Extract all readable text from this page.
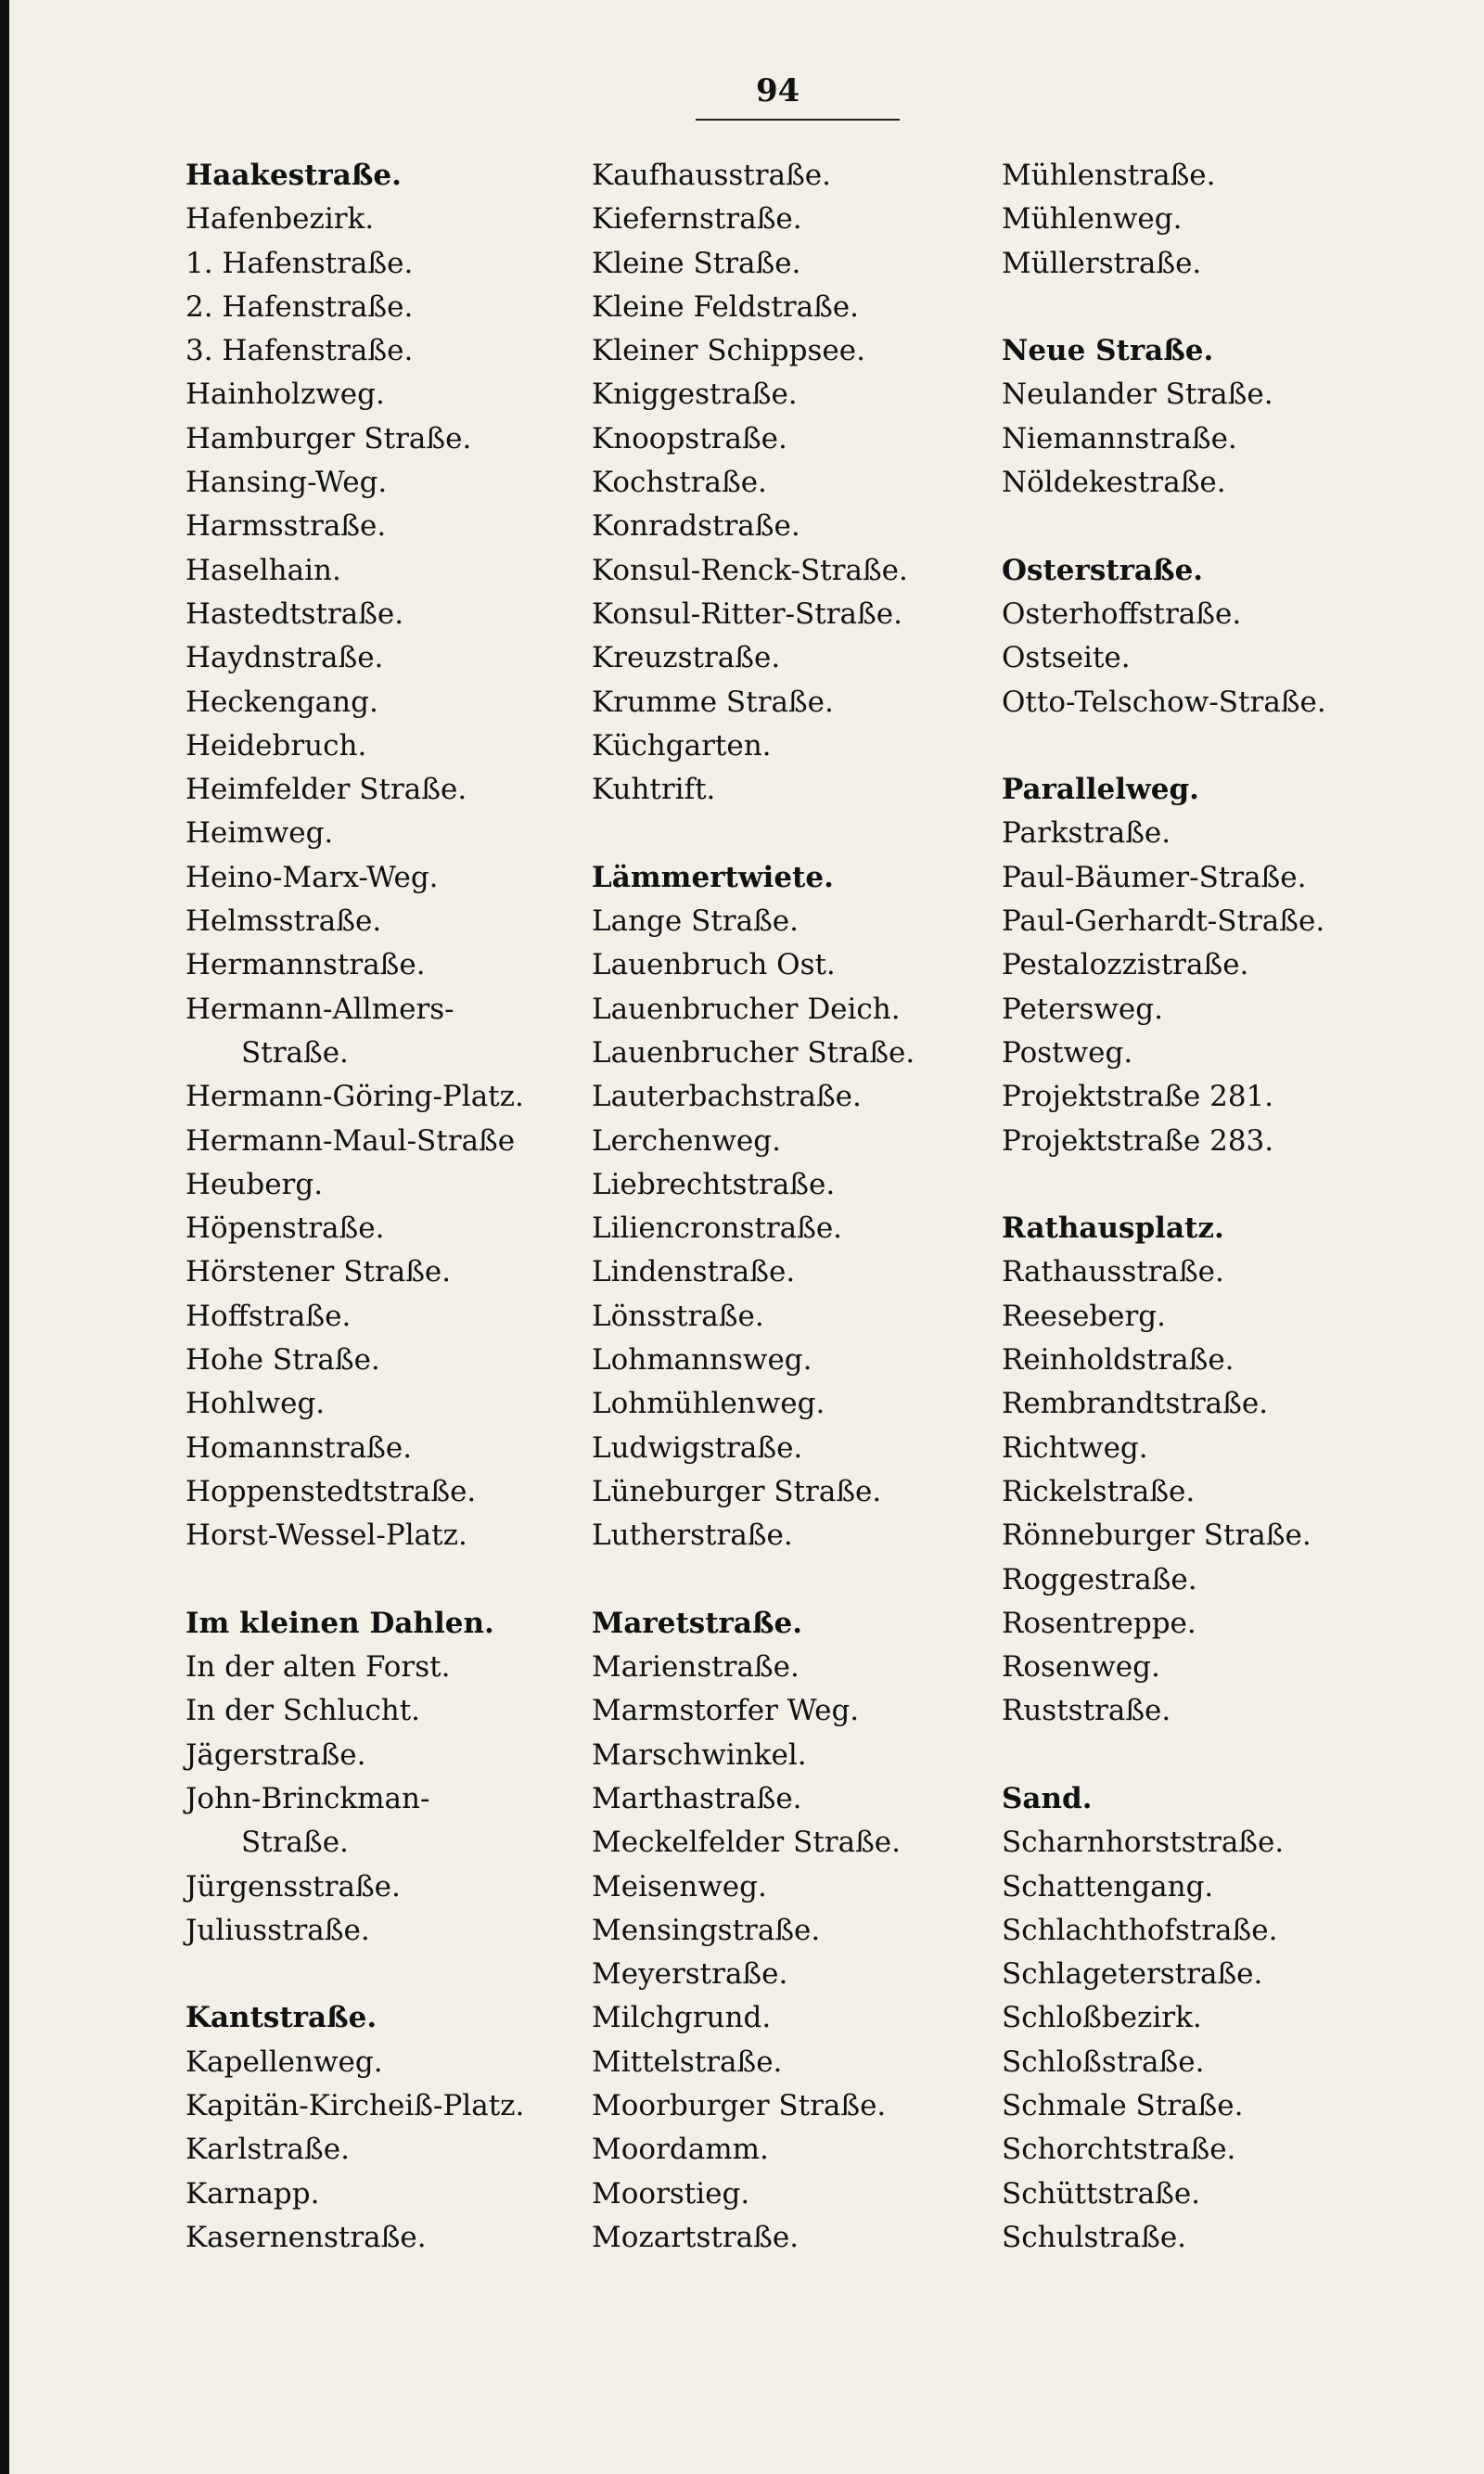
94
Haakestraße.
Hafenbezirk.
1. Hafenstraße.
2. Hafenstraße.
3. Hafenstraße.
Hainholzweg.
Hamburger Straße.
Hansing-Weg.
Harmsstraße.
Haselhain.
Hastedtstraße.
Haydnstraße.
Heckengang.
Heidebruch.
Heimfelder Straße.
Heimweg.
Heino-Marx-Weg.
Helmsstraße.
Hermannstraße.
Hermann-Allmers-
Straße.
Hermann-Göring-Platz.
Hermann-Maul-Straße
Heuberg.
Höpenstraße.
Hörstener Straße.
Hoffstraße.
Hohe Straße.
Hohlweg.
Homannstraße.
Hoppenstedtstraße.
Horst-Wessel-Platz.
Im kleinen Dahlen.
In der alten Forst.
In der Schlucht.
Jägerstraße.
John-Brinckman-
Straße.
Jürgensstraße.
Juliusstraße.
Kantstraße.
Kapellenweg.
Kapitän-Kircheiß-Platz.
Karlstraße.
Karnapp.
Kasernenstraße.
Kaufhausstraße.
Kiefernstraße.
Kleine Straße.
Kleine Feldstraße.
Kleiner Schippsee.
Kniggestraße.
Knoopstraße.
Kochstraße.
Konradstraße.
Konsul-Renck-Straße.
Konsul-Ritter-Straße.
Kreuzstraße.
Krumme Straße.
Küchgarten.
Kuhtrift.
Lämmertwiete.
Lange Straße.
Lauenbruch Ost.
Lauenbrucher Deich.
Lauenbrucher Straße.
Lauterbachstraße.
Lerchenweg.
Liebrechtstraße.
Liliencronstraße.
Lindenstraße.
Lönsstraße.
Lohmannsweg.
Lohmühlenweg.
Ludwigstraße.
Lüneburger Straße.
Lutherstraße.
Maretstraße.
Marienstraße.
Marmstorfer Weg.
Marschwinkel.
Marthastraße.
Meckelfelder Straße.
Meisenweg.
Mensingstraße.
Meyerstraße.
Milchgrund.
Mittelstraße.
Moorburger Straße.
Moordamm.
Moorstieg.
Mozartstraße.
Mühlenstraße.
Mühlenweg.
Müllerstraße.
Neue Straße.
Neulander Straße.
Niemannstraße.
Nöldekestraße.
Osterstraße.
Osterhoffstraße.
Ostseite.
Otto-Telschow-Straße.
Parallelweg.
Parkstraße.
Paul-Bäumer-Straße.
Paul-Gerhardt-Straße.
Pestalozzistraße.
Petersweg.
Postweg.
Projektstraße 281.
Projektstraße 283.
Rathausplatz.
Rathausstraße.
Reeseberg.
Reinholdstraße.
Rembrandtstraße.
Richtweg.
Rickelstraße.
Rönneburger Straße.
Roggestraße.
Rosentreppe.
Rosenweg.
Ruststraße.
Sand.
Scharnhorststraße.
Schattengang.
Schlachthofstraße.
Schlageterstraße.
Schloßbezirk.
Schloßstraße.
Schmale Straße.
Schorchtstraße.
Schüttstraße.
Schulstraße.
